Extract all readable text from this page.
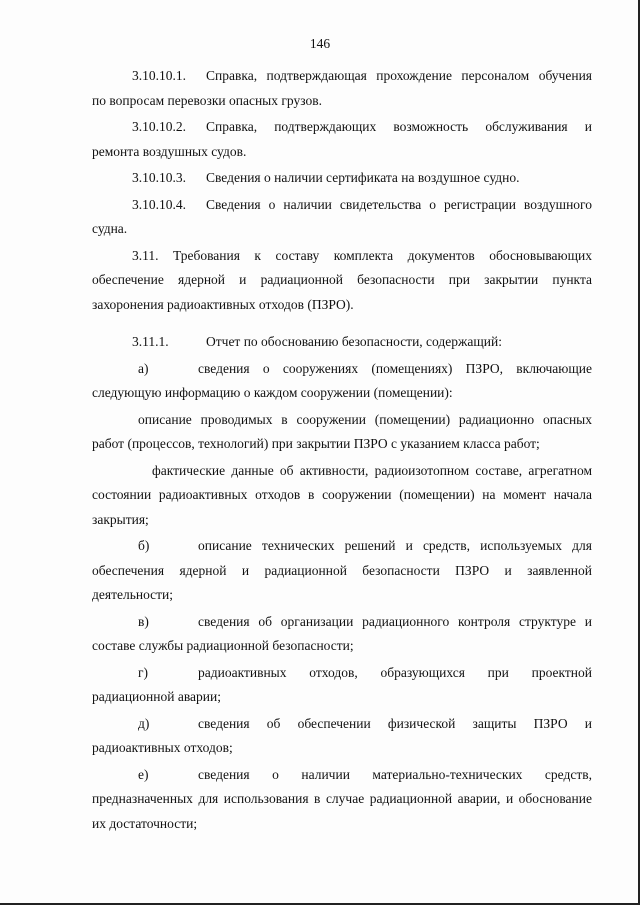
146

3.10.10.1. Справка, подтверждающая прохождение персоналом обучения

по вопросам перевозки опасных грузов.

3.10.10.2. Справка, подтверждающих возможность обслуживания и

ремонта воздушных судов.

3.10.10.3. Сведения о наличии сертификата на воздушное судно.

3.10.10.4. Сведения о наличии свидетельства о регистрации воздушного

судна.

3.11. Требования к составу комплекта документов обосновывающих

обеспечение ядерной и радиационной безопасности при закрытии пункта

захоронения радиоактивных отходов (ПЗРО).

3.11.1.	Отчет по обоснованию безопасности, содержащий:

а)	сведения о сооружениях (помещениях) ПЗРО, включающие

следующую информацию о каждом сооружении (помещении):

описание проводимых в сооружении (помещении) радиационно опасных

работ (процессов, технологий) при закрытии ПЗРО с указанием класса работ;

фактические данные об активности, радиоизотопном составе, агрегатном

состоянии радиоактивных отходов в сооружении (помещении) на момент начала

закрытия;

б)	описание технических решений и средств, используемых для

обеспечения ядерной и радиационной безопасности ПЗРО и заявленной

деятельности;

в)	сведения об организации радиационного контроля структуре и

составе службы радиационной безопасности;

г)	радиоактивных отходов, образующихся при проектной

радиационной аварии;

д)	сведения об обеспечении физической защиты ПЗРО и

радиоактивных отходов;

е)	сведения о наличии материально-технических средств,

предназначенных для использования в случае радиационной аварии, и обоснование

их достаточности;
